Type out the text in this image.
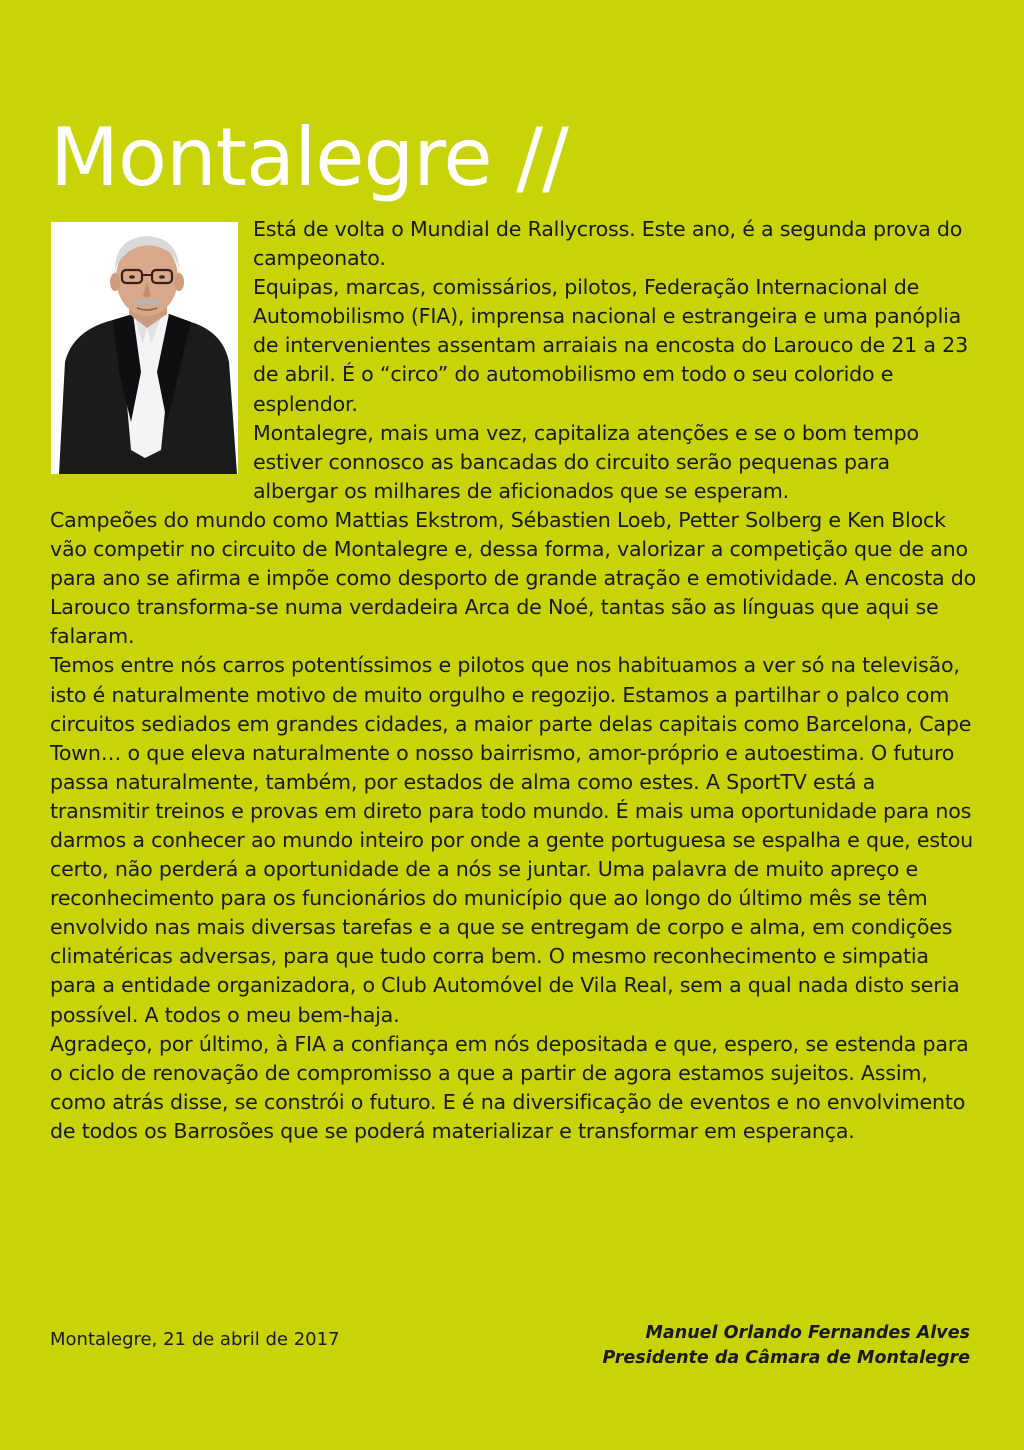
Montalegre //

Está de volta o Mundial de Rallycross. Este ano, é a segunda prova do campeonato.

Equipas, marcas, comissários, pilotos, Federação Internacional de Automobilismo (FIA), imprensa nacional e estrangeira e uma panóplia de intervenientes assentam arraiais na encosta do Larouco de 21 a 23 de abril. É o “circo” do automobilismo em todo o seu colorido e esplendor.

Montalegre, mais uma vez, capitaliza atenções e se o bom tempo estiver connosco as bancadas do circuito serão pequenas para albergar os milhares de aficionados que se esperam.

Campeões do mundo como Mattias Ekstrom, Sébastien Loeb, Petter Solberg e Ken Block vão competir no circuito de Montalegre e, dessa forma, valorizar a competição que de ano para ano se afirma e impõe como desporto de grande atração e emotividade. A encosta do Larouco transforma-se numa verdadeira Arca de Noé, tantas são as línguas que aqui se falaram.

Temos entre nós carros potentíssimos e pilotos que nos habituamos a ver só na televisão, isto é naturalmente motivo de muito orgulho e regozijo. Estamos a partilhar o palco com circuitos sediados em grandes cidades, a maior parte delas capitais como Barcelona, Cape Town… o que eleva naturalmente o nosso bairrismo, amor-próprio e autoestima. O futuro passa naturalmente, também, por estados de alma como estes. A SportTV está a transmitir treinos e provas em direto para todo mundo. É mais uma oportunidade para nos darmos a conhecer ao mundo inteiro por onde a gente portuguesa se espalha e que, estou certo, não perderá a oportunidade de a nós se juntar. Uma palavra de muito apreço e reconhecimento para os funcionários do município que ao longo do último mês se têm envolvido nas mais diversas tarefas e a que se entregam de corpo e alma, em condições climatéricas adversas, para que tudo corra bem. O mesmo reconhecimento e simpatia para a entidade organizadora, o Club Automóvel de Vila Real, sem a qual nada disto seria possível. A todos o meu bem-haja.

Agradeço, por último, à FIA a confiança em nós depositada e que, espero, se estenda para o ciclo de renovação de compromisso a que a partir de agora estamos sujeitos. Assim, como atrás disse, se constrói o futuro. E é na diversificação de eventos e no envolvimento de todos os Barrosões que se poderá materializar e transformar em esperança.

Montalegre, 21 de abril de 2017	Manuel Orlando Fernandes Alves
Presidente da Câmara de Montalegre
